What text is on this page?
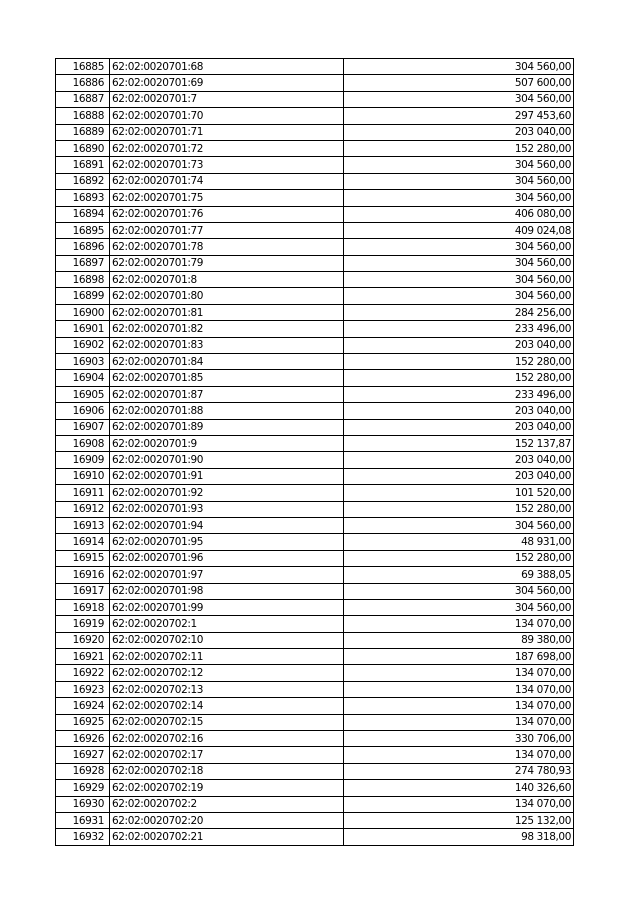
16885	62:02:0020701:68	304 560,00
16886	62:02:0020701:69	507 600,00
16887	62:02:0020701:7	304 560,00
16888	62:02:0020701:70	297 453,60
16889	62:02:0020701:71	203 040,00
16890	62:02:0020701:72	152 280,00
16891	62:02:0020701:73	304 560,00
16892	62:02:0020701:74	304 560,00
16893	62:02:0020701:75	304 560,00
16894	62:02:0020701:76	406 080,00
16895	62:02:0020701:77	409 024,08
16896	62:02:0020701:78	304 560,00
16897	62:02:0020701:79	304 560,00
16898	62:02:0020701:8	304 560,00
16899	62:02:0020701:80	304 560,00
16900	62:02:0020701:81	284 256,00
16901	62:02:0020701:82	233 496,00
16902	62:02:0020701:83	203 040,00
16903	62:02:0020701:84	152 280,00
16904	62:02:0020701:85	152 280,00
16905	62:02:0020701:87	233 496,00
16906	62:02:0020701:88	203 040,00
16907	62:02:0020701:89	203 040,00
16908	62:02:0020701:9	152 137,87
16909	62:02:0020701:90	203 040,00
16910	62:02:0020701:91	203 040,00
16911	62:02:0020701:92	101 520,00
16912	62:02:0020701:93	152 280,00
16913	62:02:0020701:94	304 560,00
16914	62:02:0020701:95	48 931,00
16915	62:02:0020701:96	152 280,00
16916	62:02:0020701:97	69 388,05
16917	62:02:0020701:98	304 560,00
16918	62:02:0020701:99	304 560,00
16919	62:02:0020702:1	134 070,00
16920	62:02:0020702:10	89 380,00
16921	62:02:0020702:11	187 698,00
16922	62:02:0020702:12	134 070,00
16923	62:02:0020702:13	134 070,00
16924	62:02:0020702:14	134 070,00
16925	62:02:0020702:15	134 070,00
16926	62:02:0020702:16	330 706,00
16927	62:02:0020702:17	134 070,00
16928	62:02:0020702:18	274 780,93
16929	62:02:0020702:19	140 326,60
16930	62:02:0020702:2	134 070,00
16931	62:02:0020702:20	125 132,00
16932	62:02:0020702:21	98 318,00
